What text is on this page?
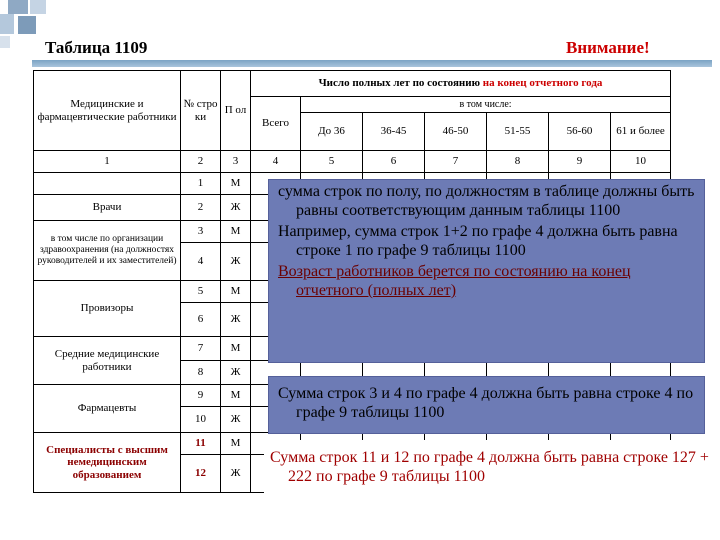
Таблица 1109	Внимание!
Медицинские и фармацевтические работники	№ стро ки	П ол	Число полных лет по состоянию на конец отчетного года						
			Всего	в том числе:					
				До 36	36-45	46-50	51-55	56-60	61 и более
1	2	3	4	5	6	7	8	9	10
	1	М							
Врачи	2	Ж							
в том числе по организации здравоохранения (на должностях руководителей и их заместителей)	3	М							
	4	Ж							
Провизоры	5	М							
	6	Ж							
Средние медицинские работники	7	М							
	8	Ж							
Фармацевты	9	М							
	10	Ж							
Специалисты с высшим немедицинским образованием	11	М							
	12	Ж							

сумма строк по полу, по должностям в таблице должны быть равны соответствующим данным таблицы 1100

Например, сумма строк 1+2 по графе 4 должна быть равна строке 1 по графе 9 таблицы 1100

Возраст работников берется по состоянию на конец отчетного (полных лет)

Сумма строк 3 и 4 по графе 4 должна быть равна строке 4 по графе 9 таблицы 1100

Сумма строк 11 и 12 по графе 4 должна быть равна строке 127 + 222 по графе 9 таблицы 1100
